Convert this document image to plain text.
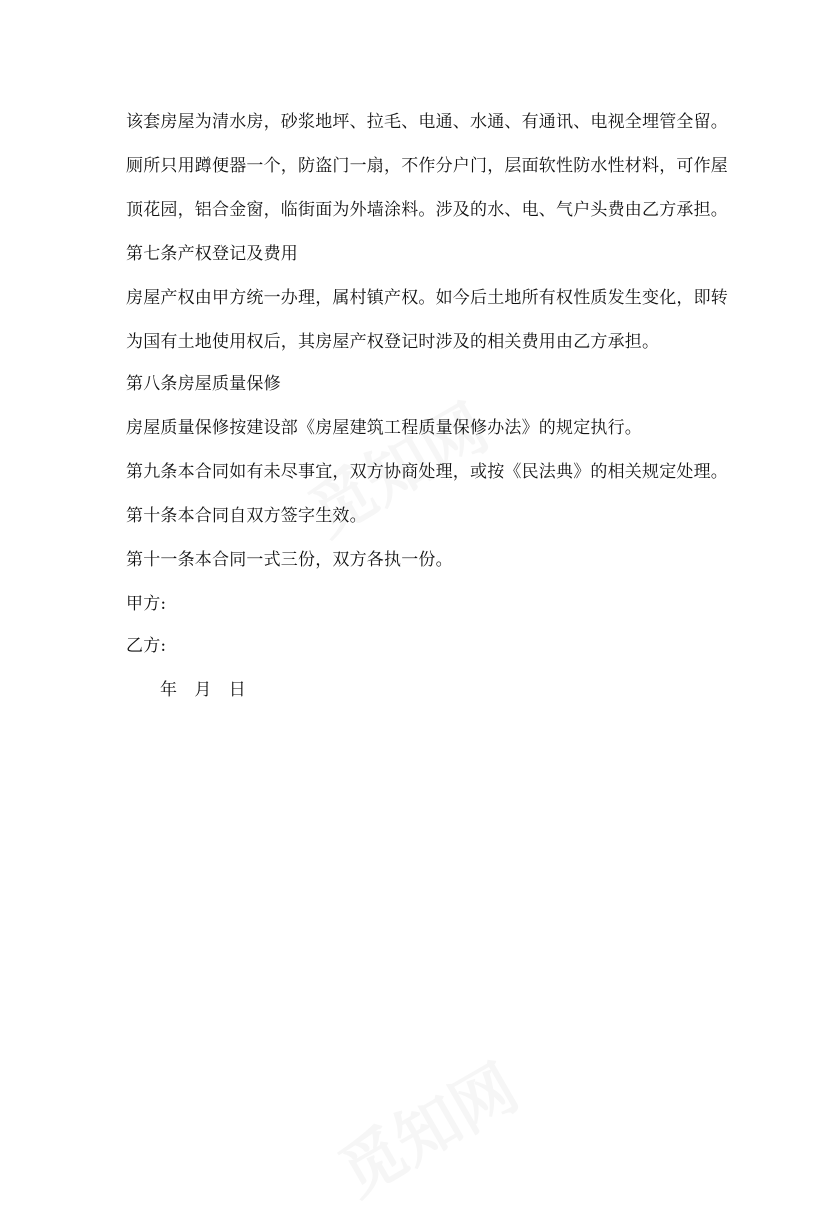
该套房屋为清水房，砂浆地坪、拉毛、电通、水通、有通讯、电视全埋管全留。
厕所只用蹲便器一个，防盗门一扇，不作分户门，层面软性防水性材料，可作屋
顶花园，铝合金窗，临街面为外墙涂料。涉及的水、电、气户头费由乙方承担。
第七条产权登记及费用
房屋产权由甲方统一办理，属村镇产权。如今后土地所有权性质发生变化，即转
为国有土地使用权后，其房屋产权登记时涉及的相关费用由乙方承担。
第八条房屋质量保修
房屋质量保修按建设部《房屋建筑工程质量保修办法》的规定执行。
第九条本合同如有未尽事宜，双方协商处理，或按《民法典》的相关规定处理。
第十条本合同自双方签字生效。
第十一条本合同一式三份，双方各执一份。
甲方:
乙方:
年　月　日
